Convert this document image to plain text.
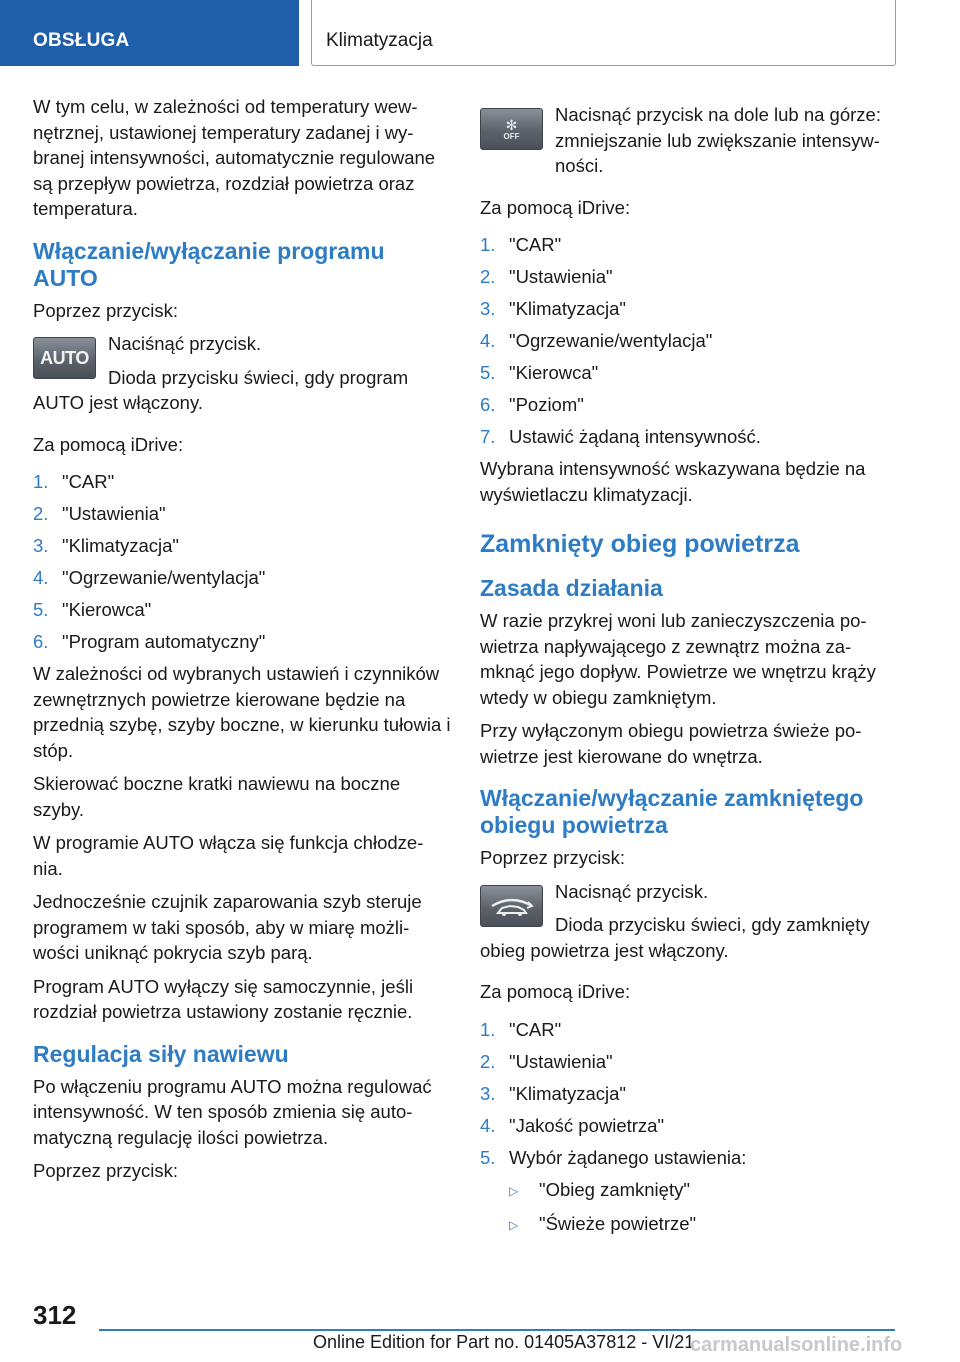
OBSŁUGA	Klimatyzacja

W tym celu, w zależności od temperatury wew-nętrznej, ustawionej temperatury zadanej i wy-branej intensywności, automatycznie regulowane są przepływ powietrza, rozdział powietrza oraz temperatura.

Włączanie/wyłączanie programu AUTO

Poprzez przycisk:

AUTO

Naciśnąć przycisk.

Dioda przycisku świeci, gdy program AUTO jest włączony.

Za pomocą iDrive:

1. "CAR"
2. "Ustawienia"
3. "Klimatyzacja"
4. "Ogrzewanie/wentylacja"
5. "Kierowca"
6. "Program automatyczny"

W zależności od wybranych ustawień i czynników zewnętrznych powietrze kierowane będzie na przednią szybę, szyby boczne, w kierunku tułowia i stóp.

Skierować boczne kratki nawiewu na boczne szyby.

W programie AUTO włącza się funkcja chłodze-nia.

Jednocześnie czujnik zaparowania szyb steruje programem w taki sposób, aby w miarę możli-wości uniknąć pokrycia szyb parą.

Program AUTO wyłączy się samoczynnie, jeśli rozdział powietrza ustawiony zostanie ręcznie.

Regulacja siły nawiewu

Po włączeniu programu AUTO można regulować intensywność. W ten sposób zmienia się auto-matyczną regulację ilości powietrza.

Poprzez przycisk:

✻
OFF

Nacisnąć przycisk na dole lub na górze: zmniejszanie lub zwiększanie intensyw-ności.

Za pomocą iDrive:

1. "CAR"
2. "Ustawienia"
3. "Klimatyzacja"
4. "Ogrzewanie/wentylacja"
5. "Kierowca"
6. "Poziom"
7. Ustawić żądaną intensywność.

Wybrana intensywność wskazywana będzie na wyświetlaczu klimatyzacji.

Zamknięty obieg powietrza
Zasada działania

W razie przykrej woni lub zanieczyszczenia po-wietrza napływającego z zewnątrz można za-mknąć jego dopływ. Powietrze we wnętrzu krąży wtedy w obiegu zamkniętym.

Przy wyłączonym obiegu powietrza świeże po-wietrze jest kierowane do wnętrza.

Włączanie/wyłączanie zamkniętego obiegu powietrza

Poprzez przycisk:

Nacisnąć przycisk.

Dioda przycisku świeci, gdy zamknięty obieg powietrza jest włączony.

Za pomocą iDrive:

1. "CAR"
2. "Ustawienia"
3. "Klimatyzacja"
4. "Jakość powietrza"
5. Wybór żądanego ustawienia:
▷	"Obieg zamknięty"
▷	"Świeże powietrze"
312
Online Edition for Part no. 01405A37812 - VI/21
carmanualsonline.info
